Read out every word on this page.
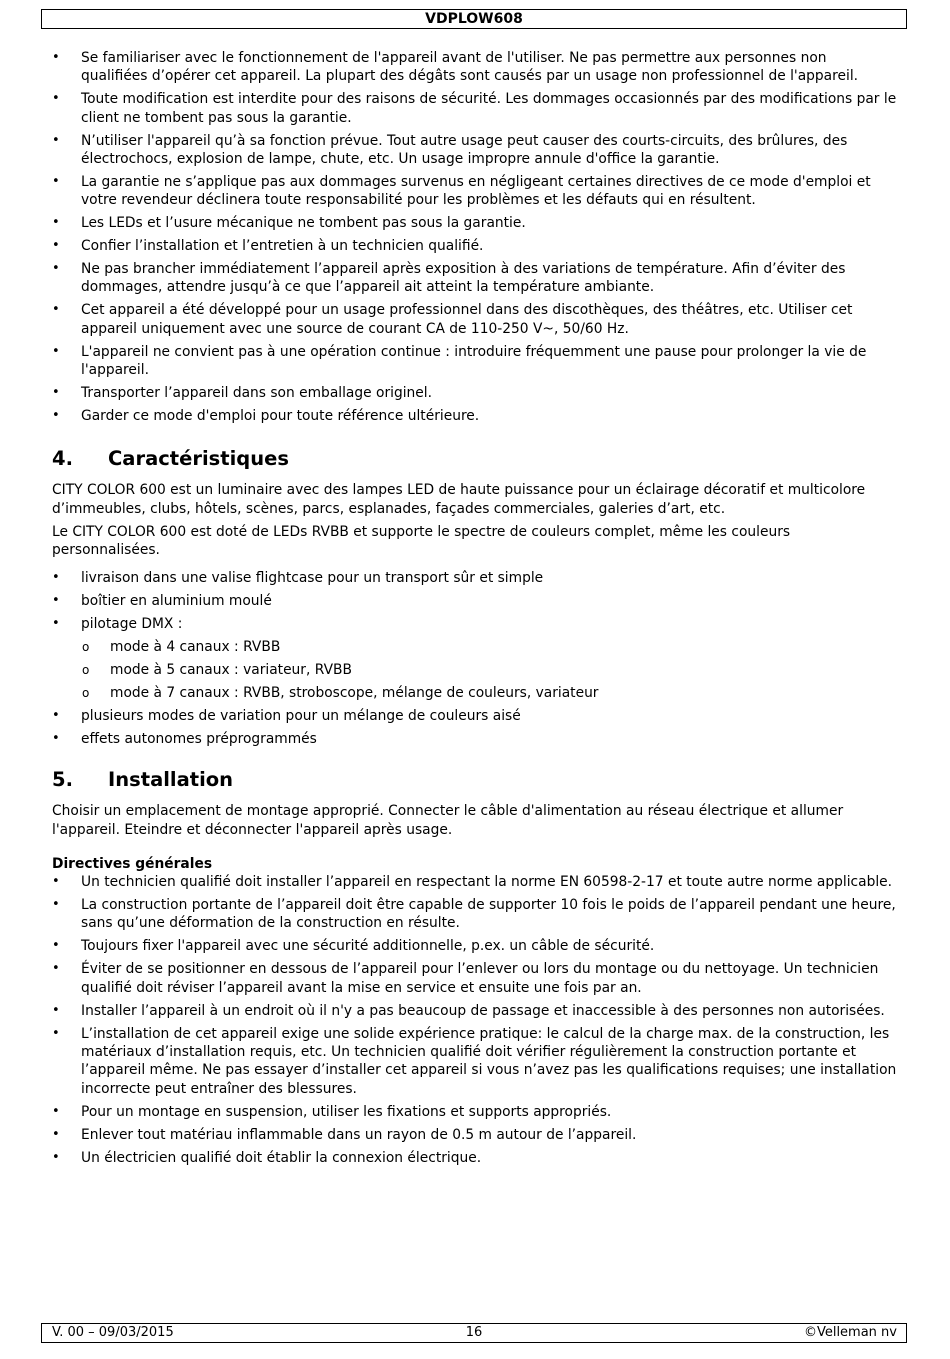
VDPLOW608
• Se familiariser avec le fonctionnement de l'appareil avant de l'utiliser. Ne pas permettre aux personnes non qualifiées d’opérer cet appareil. La plupart des dégâts sont causés par un usage non professionnel de l'appareil.
• Toute modification est interdite pour des raisons de sécurité. Les dommages occasionnés par des modifications par le client ne tombent pas sous la garantie.
• N’utiliser l'appareil qu’à sa fonction prévue. Tout autre usage peut causer des courts-circuits, des brûlures, des électrochocs, explosion de lampe, chute, etc. Un usage impropre annule d'office la garantie.
• La garantie ne s’applique pas aux dommages survenus en négligeant certaines directives de ce mode d'emploi et votre revendeur déclinera toute responsabilité pour les problèmes et les défauts qui en résultent.
• Les LEDs et l’usure mécanique ne tombent pas sous la garantie.
• Confier l’installation et l’entretien à un technicien qualifié.
• Ne pas brancher immédiatement l’appareil après exposition à des variations de température. Afin d’éviter des dommages, attendre jusqu’à ce que l’appareil ait atteint la température ambiante.
• Cet appareil a été développé pour un usage professionnel dans des discothèques, des théâtres, etc. Utiliser cet appareil uniquement avec une source de courant CA de 110-250 V~, 50/60 Hz.
• L'appareil ne convient pas à une opération continue : introduire fréquemment une pause pour prolonger la vie de l'appareil.
• Transporter l’appareil dans son emballage originel.
• Garder ce mode d'emploi pour toute référence ultérieure.
4.	Caractéristiques

CITY COLOR 600 est un luminaire avec des lampes LED de haute puissance pour un éclairage décoratif et multicolore d’immeubles, clubs, hôtels, scènes, parcs, esplanades, façades commerciales, galeries d’art, etc.

Le CITY COLOR 600 est doté de LEDs RVBB et supporte le spectre de couleurs complet, même les couleurs personnalisées.

• livraison dans une valise flightcase pour un transport sûr et simple
• boîtier en aluminium moulé
• pilotage DMX :
o mode à 4 canaux : RVBB
o mode à 5 canaux : variateur, RVBB
o mode à 7 canaux : RVBB, stroboscope, mélange de couleurs, variateur
• plusieurs modes de variation pour un mélange de couleurs aisé
• effets autonomes préprogrammés
5.	Installation

Choisir un emplacement de montage approprié. Connecter le câble d'alimentation au réseau électrique et allumer l'appareil. Eteindre et déconnecter l'appareil après usage.

Directives générales

• Un technicien qualifié doit installer l’appareil en respectant la norme EN 60598-2-17 et toute autre norme applicable.
• La construction portante de l’appareil doit être capable de supporter 10 fois le poids de l’appareil pendant une heure, sans qu’une déformation de la construction en résulte.
• Toujours fixer l'appareil avec une sécurité additionnelle, p.ex. un câble de sécurité.
• Éviter de se positionner en dessous de l’appareil pour l’enlever ou lors du montage ou du nettoyage. Un technicien qualifié doit réviser l’appareil avant la mise en service et ensuite une fois par an.
• Installer l’appareil à un endroit où il n'y a pas beaucoup de passage et inaccessible à des personnes non autorisées.
• L’installation de cet appareil exige une solide expérience pratique: le calcul de la charge max. de la construction, les matériaux d’installation requis, etc. Un technicien qualifié doit vérifier régulièrement la construction portante et l’appareil même. Ne pas essayer d’installer cet appareil si vous n’avez pas les qualifications requises; une installation incorrecte peut entraîner des blessures.
• Pour un montage en suspension, utiliser les fixations et supports appropriés.
• Enlever tout matériau inflammable dans un rayon de 0.5 m autour de l’appareil.
• Un électricien qualifié doit établir la connexion électrique.
V. 00 – 09/03/2015	16	©Velleman nv
